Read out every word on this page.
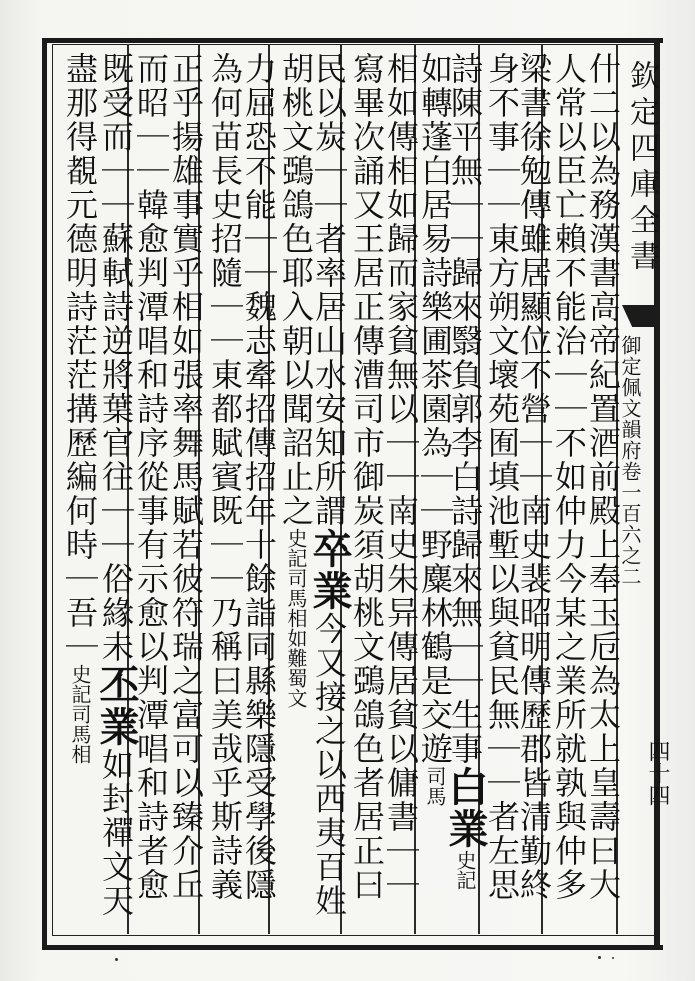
欽定四庫全書
御定佩文韻府卷一百六之二
四十四
什二以為務漢書高帝紀置酒前殿上奉玉卮為太上皇壽曰大
人常以臣亡賴不能治｜｜不如仲力今某之業所就孰與仲多
梁書徐勉傳雖居顯位不營｜｜南史裴昭明傳歷郡皆清勤終
身不事｜｜東方朔文壞苑囿填池塹以與貧民無｜｜者左思
詩陳平無｜｜歸來翳負郭李白詩歸來無｜｜生事白業史記
如轉蓬白居易詩樂圃茶園為｜｜野麋林鶴是交遊司馬
相如傳相如歸而家貧無以｜｜南史朱异傳居貧以傭書｜｜
寫畢次誦又王居正傳漕司市御炭須胡桃文鵶鴿色者居正曰
民以炭｜｜者率居山水安知所謂卒業今又接之以西夷百姓
胡桃文鵶鴿色耶入朝以聞詔止之史記司馬相如難蜀文
力屈恐不能｜｜魏志牽招傳招年十餘詣同縣樂隱受學後隱
為何苗長史招隨｜｜東都賦賓既｜｜乃稱曰美哉乎斯詩義
正乎揚雄事實乎相如張率舞馬賦若彼符瑞之富可以臻介丘
而昭｜｜韓愈判潭唱和詩序從事有示愈以判潭唱和詩者愈
既受而｜｜蘇軾詩逆將葉官往｜｜俗緣未丕業如封禪文天
盡那得覩元德明詩茫茫搆歷編何時｜吾｜史記司馬相
